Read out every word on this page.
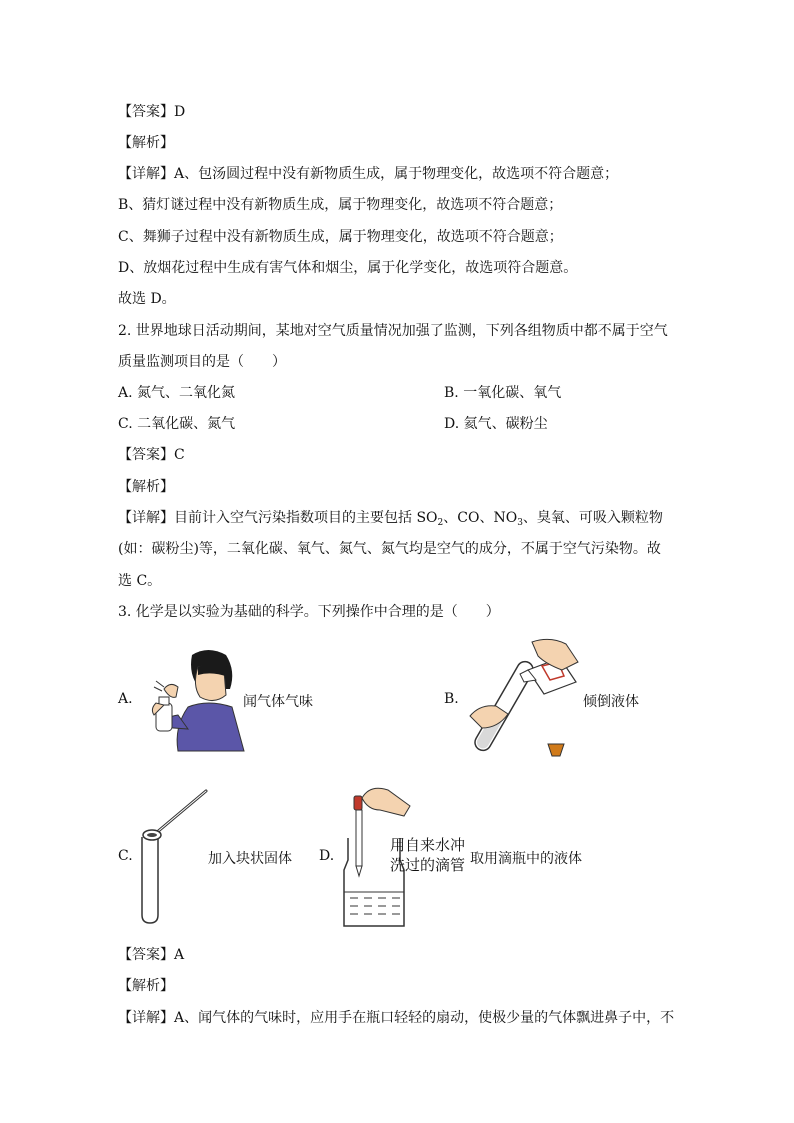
【答案】D
【解析】
【详解】A、包汤圆过程中没有新物质生成，属于物理变化，故选项不符合题意；
B、猜灯谜过程中没有新物质生成，属于物理变化，故选项不符合题意；
C、舞狮子过程中没有新物质生成，属于物理变化，故选项不符合题意；
D、放烟花过程中生成有害气体和烟尘，属于化学变化，故选项符合题意。
故选 D。
2. 世界地球日活动期间，某地对空气质量情况加强了监测，下列各组物质中都不属于空气
质量监测项目的是（　　）
A. 氮气、二氧化氮	B. 一氧化碳、氧气
C. 二氧化碳、氮气	D. 氦气、碳粉尘
【答案】C
【解析】
【详解】目前计入空气污染指数项目的主要包括 $SO_2$、CO、$NO_3$、臭氧、可吸入颗粒物
(如：碳粉尘)等，二氧化碳、氧气、氮气、氮气均是空气的成分，不属于空气污染物。故
选 C。
3. 化学是以实验为基础的科学。下列操作中合理的是（　　）
A.	闻气体气味	B.	倾倒液体
C.	加入块状固体 D.
用自来水冲
洗过的滴管 取用滴瓶中的液体
【答案】A
【解析】
【详解】A、闻气体的气味时，应用手在瓶口轻轻的扇动，使极少量的气体飘进鼻子中，不
